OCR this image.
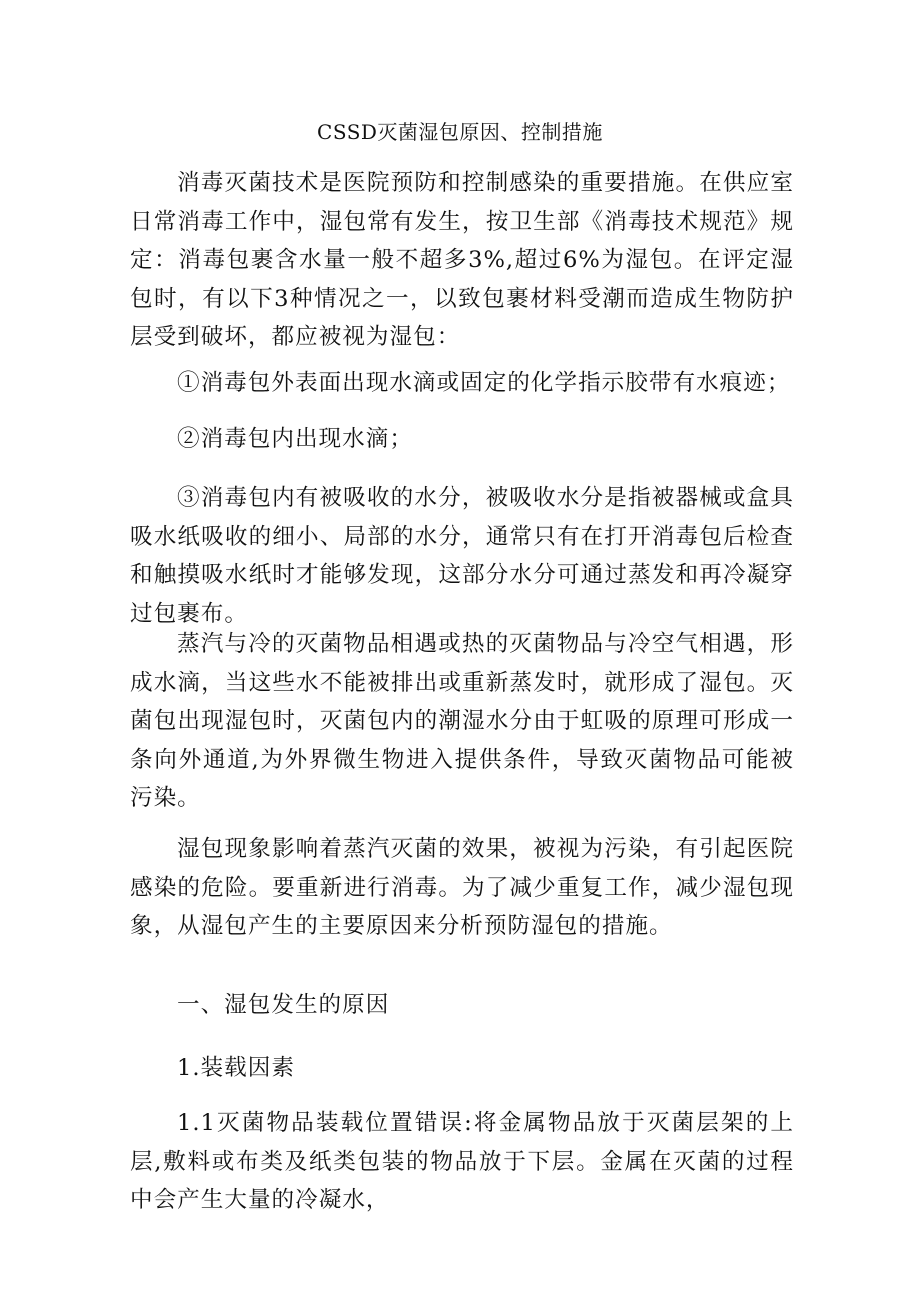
CSSD灭菌湿包原因、控制措施

消毒灭菌技术是医院预防和控制感染的重要措施。在供应室日常消毒工作中，湿包常有发生，按卫生部《消毒技术规范》规定：消毒包裹含水量一般不超多3%,超过6%为湿包。在评定湿包时，有以下3种情况之一，以致包裹材料受潮而造成生物防护层受到破坏，都应被视为湿包：

①消毒包外表面出现水滴或固定的化学指示胶带有水痕迹；

②消毒包内出现水滴；

③消毒包内有被吸收的水分，被吸收水分是指被器械或盒具吸水纸吸收的细小、局部的水分，通常只有在打开消毒包后检查和触摸吸水纸时才能够发现，这部分水分可通过蒸发和再冷凝穿过包裹布。

蒸汽与冷的灭菌物品相遇或热的灭菌物品与冷空气相遇，形成水滴，当这些水不能被排出或重新蒸发时，就形成了湿包。灭菌包出现湿包时，灭菌包内的潮湿水分由于虹吸的原理可形成一条向外通道,为外界微生物进入提供条件，导致灭菌物品可能被污染。

湿包现象影响着蒸汽灭菌的效果，被视为污染，有引起医院感染的危险。要重新进行消毒。为了减少重复工作，减少湿包现象，从湿包产生的主要原因来分析预防湿包的措施。

一、湿包发生的原因

1.装载因素

1.1灭菌物品装载位置错误:将金属物品放于灭菌层架的上层,敷料或布类及纸类包装的物品放于下层。金属在灭菌的过程中会产生大量的冷凝水，
